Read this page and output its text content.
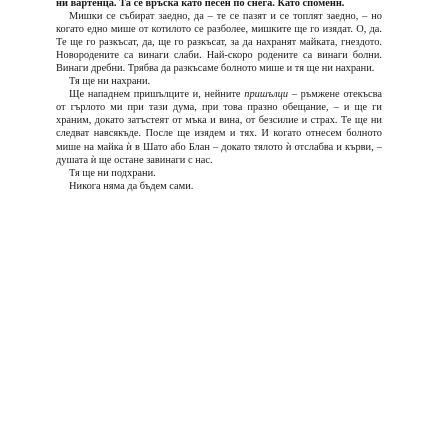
ни вартенца. Та се връска като песен по снега. Като споменн.

Мишки се събират заедно, да – те се пазят и се топлят заедно, – но когато едно мише от котилото се разболее, мишките ще го изядат. О, да. Те ще го разкъсат, да, ще го разкъсат, за да нахранят майката, гнездото. Новородените са винаги слаби. Най-скоро родените са винаги болни. Винаги дребни. Трябва да разкъсаме болното мише и тя ще ни нахрани.

Тя ще ни нахрани.

Ще нападнем пришълците и, нейните пришълци – ръмжене отекъсва от гърлото ми при тази дума, при това празно обещание, – и ще ги храним, докато затъстеят от мъка и вина, от безсилие и страх. Те ще ни следват навсякъде. После ще изядем и тях. И когато отнесем болното мише на майка ѝ в Шато або Блан – докато тялото ѝ отслабва и кърви, – душата ѝ ще остане завинаги с нас.

Тя ще ни подхрани.

Никога няма да бъдем сами.
